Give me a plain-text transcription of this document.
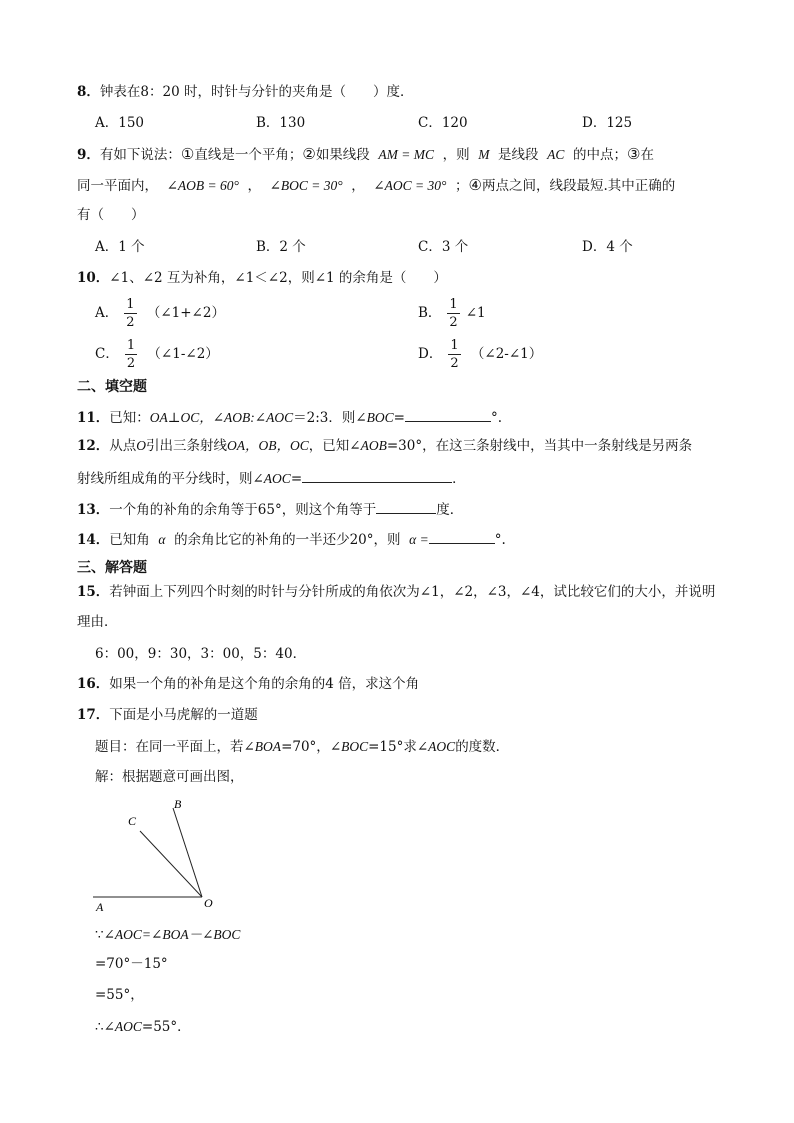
8．钟表在8：20 时，时针与分针的夹角是（　　）度．
A．150	B．130	C．120	D．125
9．有如下说法：①直线是一个平角；②如果线段 AM = MC ，则 M 是线段 AC 的中点；③在
同一平面内， ∠AOB = 60° ， ∠BOC = 30° ， ∠AOC = 30° ；④两点之间，线段最短.其中正确的
有（　　）
A．1 个	B．2 个	C．3 个	D．4 个
10．∠1、∠2 互为补角，∠1＜∠2，则∠1 的余角是（　　）
A． $\frac{1}{2}$ （∠1+∠2）	B． $\frac{1}{2}$ ∠1
C． $\frac{1}{2}$ （∠1-∠2）	D． $\frac{1}{2}$ （∠2-∠1）
二、填空题
11．已知：OA⊥OC，∠AOB:∠AOC＝2:3．则∠BOC=	°.
12．从点O引出三条射线OA，OB，OC，已知∠AOB=30°，在这三条射线中，当其中一条射线是另两条
射线所组成角的平分线时，则∠AOC=	．
13．一个角的补角的余角等于65°，则这个角等于	度．
14．已知角 α 的余角比它的补角的一半还少20°，则 α =	°.
三、解答题
15．若钟面上下列四个时刻的时针与分针所成的角依次为∠1，∠2，∠3，∠4，试比较它们的大小，并说明
理由．
6：00，9：30，3：00，5：40．
16．如果一个角的补角是这个角的余角的4 倍，求这个角
17．下面是小马虎解的一道题
题目：在同一平面上，若∠BOA=70°，∠BOC=15°求∠AOC的度数．
解：根据题意可画出图，
A	O
C
B
∵∠AOC=∠BOA－∠BOC
=70°－15°
=55°，
∴∠AOC=55°．
